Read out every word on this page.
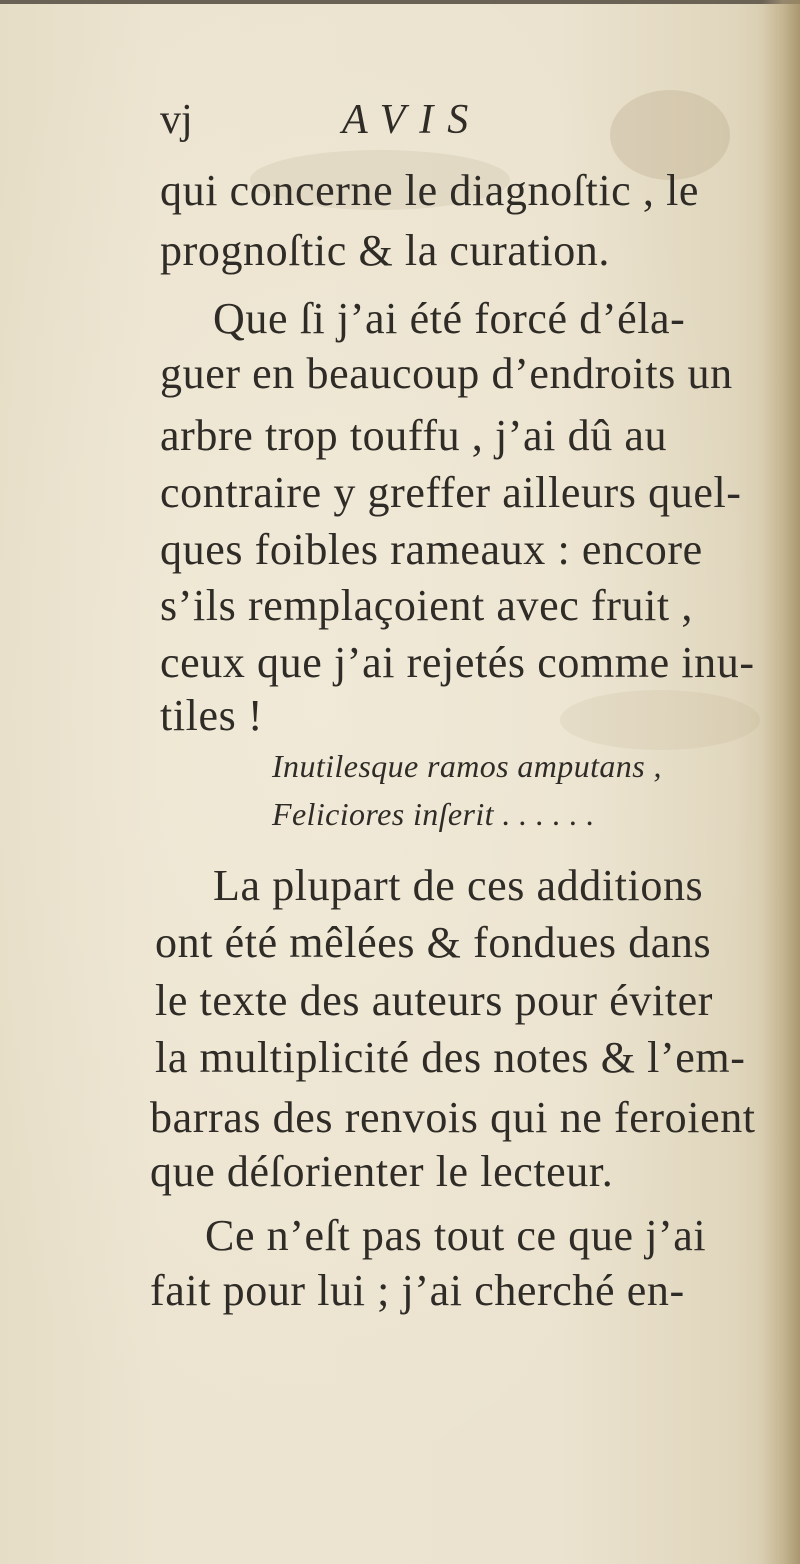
vj	AVIS
qui concerne le diagnoſtic , le
prognoſtic & la curation.
Que ſi j’ai été forcé d’éla-
guer en beaucoup d’endroits un
arbre trop touffu , j’ai dû au
contraire y greffer ailleurs quel-
ques foibles rameaux : encore
s’ils remplaçoient avec fruit ,
ceux que j’ai rejetés comme inu-
tiles !
Inutilesque ramos amputans ,
Feliciores inſerit . . . . . .
La plupart de ces additions
ont été mêlées & fondues dans
le texte des auteurs pour éviter
la multiplicité des notes & l’em-
barras des renvois qui ne feroient
que déſorienter le lecteur.
Ce n’eſt pas tout ce que j’ai
fait pour lui ; j’ai cherché en-
